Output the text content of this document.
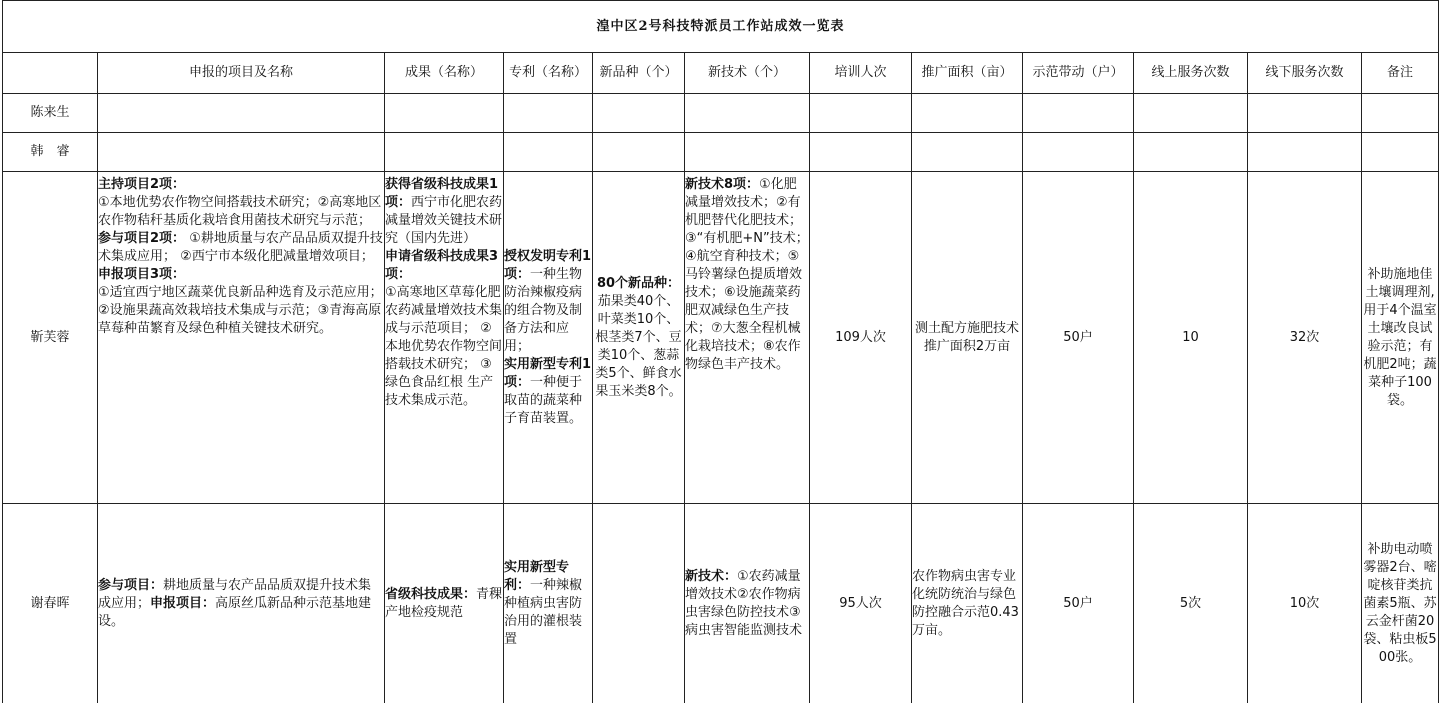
湟中区2号科技特派员工作站成效一览表											
	申报的项目及名称	成果（名称）	专利（名称）	新品种（个）	新技术（个）	培训人次	推广面积（亩）	示范带动（户）	线上服务次数	线下服务次数	备注
陈来生											
韩　睿											
靳芙蓉	主持项目2项：
①本地优势农作物空间搭载技术研究；②高寒地区农作物秸秆基质化栽培食用菌技术研究与示范； 参与项目2项： ①耕地质量与农产品品质双提升技术集成应用； ②西宁市本级化肥减量增效项目；
申报项目3项：
①适宜西宁地区蔬菜优良新品种选育及示范应用； ②设施果蔬高效栽培技术集成与示范；③青海高原草莓种苗繁育及绿色种植关键技术研究。	获得省级科技成果1项：西宁市化肥农药减量增效关键技术研究（国内先进）
申请省级科技成果3项：
①高寒地区草莓化肥农药减量增效技术集成与示范项目； ②本地优势农作物空间搭载技术研究； ③绿色食品红根 生产技术集成示范。	授权发明专利1项：一种生物防治辣椒疫病的组合物及制备方法和应用；
实用新型专利1项：一种便于取苗的蔬菜种子育苗装置。	80个新品种：茄果类40个、叶菜类10个、根茎类7个、豆类10个、葱蒜类5个、鲜食水果玉米类8个。	新技术8项：①化肥减量增效技术；②有机肥替代化肥技术；③“有机肥+N”技术；④航空育种技术；⑤马铃薯绿色提质增效技术；⑥设施蔬菜药肥双减绿色生产技术；⑦大葱全程机械化栽培技术；⑧农作物绿色丰产技术。	109人次	测土配方施肥技术推广面积2万亩	50户	10	32次	补助施地佳土壤调理剂,用于4个温室土壤改良试验示范；有机肥2吨；蔬菜种子100袋。
谢春晖	参与项目：耕地质量与农产品品质双提升技术集成应用；申报项目：高原丝瓜新品种示范基地建设。	省级科技成果：青稞产地检疫规范	实用新型专利：一种辣椒种植病虫害防治用的灌根装置		新技术：①农药减量增效技术②农作物病虫害绿色防控技术③病虫害智能监测技术	95人次	农作物病虫害专业化统防统治与绿色防控融合示范0.43万亩。	50户	5次	10次	补助电动喷雾器2台、嘧啶核苷类抗菌素5瓶、苏云金杆菌20袋、粘虫板500张。
